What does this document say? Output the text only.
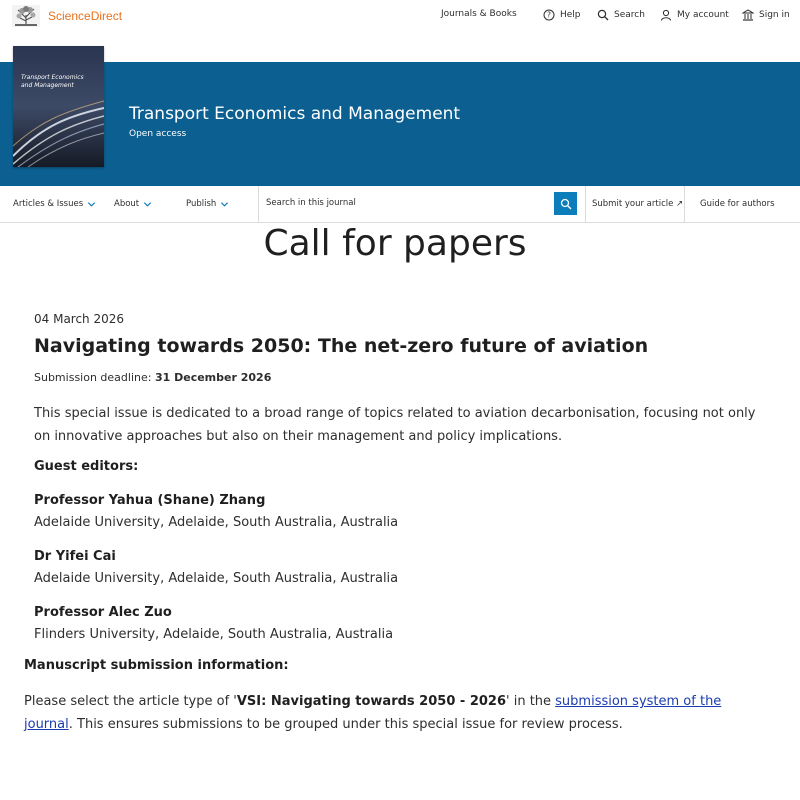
ScienceDirect	Journals & Books	? Help	Search	My account	Sign in
Transport Economics
and Management
Transport Economics and Management
Open access
Articles & Issues	About	Publish	Submit your article ↗ Guide for authors
Search in this journal
Call for papers
04 March 2026
Navigating towards 2050: The net-zero future of aviation
Submission deadline: 31 December 2026
This special issue is dedicated to a broad range of topics related to aviation decarbonisation, focusing not only on innovative approaches but also on their management and policy implications.
Guest editors:
Professor Yahua (Shane) Zhang
Adelaide University, Adelaide, South Australia, Australia
Dr Yifei Cai
Adelaide University, Adelaide, South Australia, Australia
Professor Alec Zuo
Flinders University, Adelaide, South Australia, Australia
Manuscript submission information:
Please select the article type of 'VSI: Navigating towards 2050 - 2026' in the submission system of the journal. This ensures submissions to be grouped under this special issue for review process.
